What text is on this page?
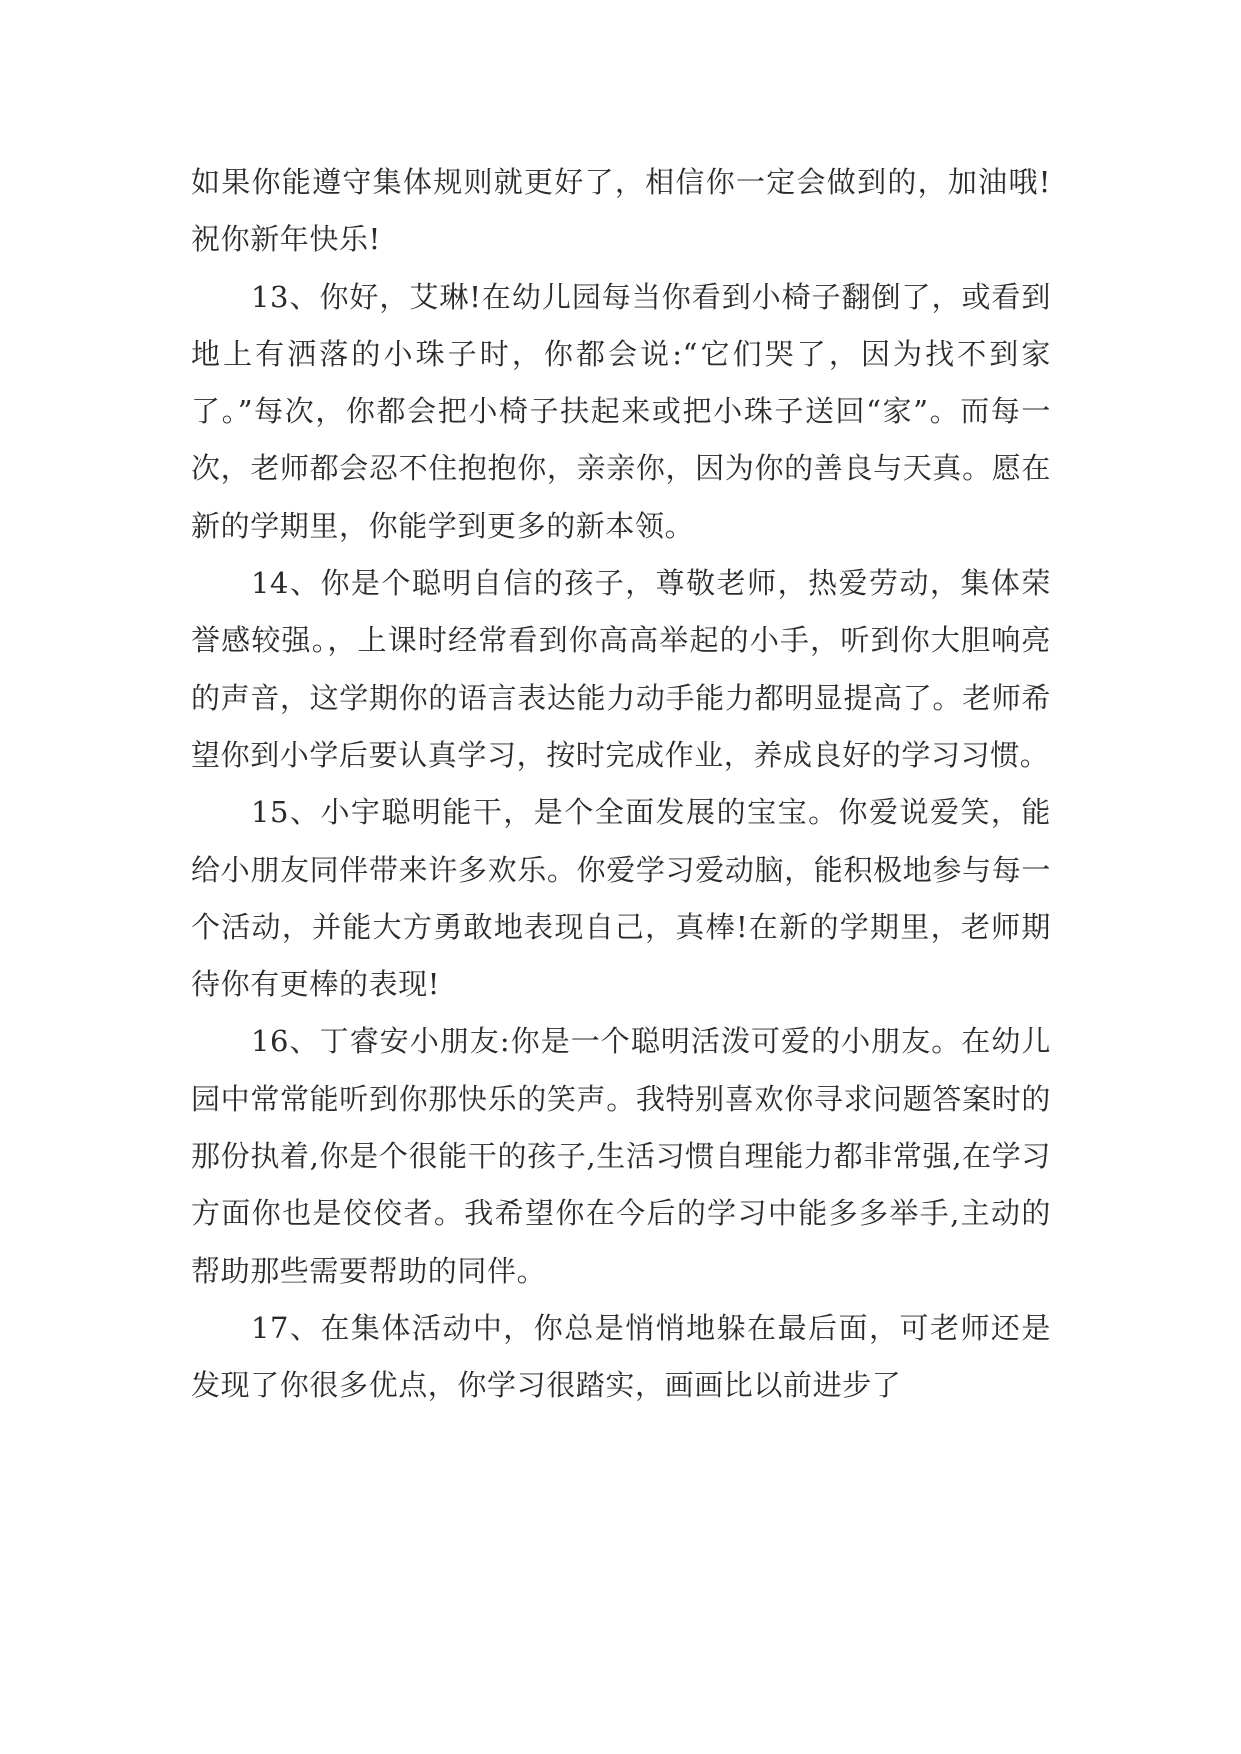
如果你能遵守集体规则就更好了，相信你一定会做到的，加油哦!祝你新年快乐!

13、你好，艾琳!在幼儿园每当你看到小椅子翻倒了，或看到地上有洒落的小珠子时，你都会说:“它们哭了，因为找不到家了。”每次，你都会把小椅子扶起来或把小珠子送回“家”。而每一次，老师都会忍不住抱抱你，亲亲你，因为你的善良与天真。愿在新的学期里，你能学到更多的新本领。

14、你是个聪明自信的孩子，尊敬老师，热爱劳动，集体荣誉感较强。，上课时经常看到你高高举起的小手，听到你大胆响亮的声音，这学期你的语言表达能力动手能力都明显提高了。老师希望你到小学后要认真学习，按时完成作业，养成良好的学习习惯。

15、小宇聪明能干，是个全面发展的宝宝。你爱说爱笑，能给小朋友同伴带来许多欢乐。你爱学习爱动脑，能积极地参与每一个活动，并能大方勇敢地表现自己，真棒!在新的学期里，老师期待你有更棒的表现!

16、丁睿安小朋友:你是一个聪明活泼可爱的小朋友。在幼儿园中常常能听到你那快乐的笑声。我特别喜欢你寻求问题答案时的那份执着,你是个很能干的孩子,生活习惯自理能力都非常强,在学习方面你也是佼佼者。我希望你在今后的学习中能多多举手,主动的帮助那些需要帮助的同伴。

17、在集体活动中，你总是悄悄地躲在最后面，可老师还是发现了你很多优点，你学习很踏实，画画比以前进步了
